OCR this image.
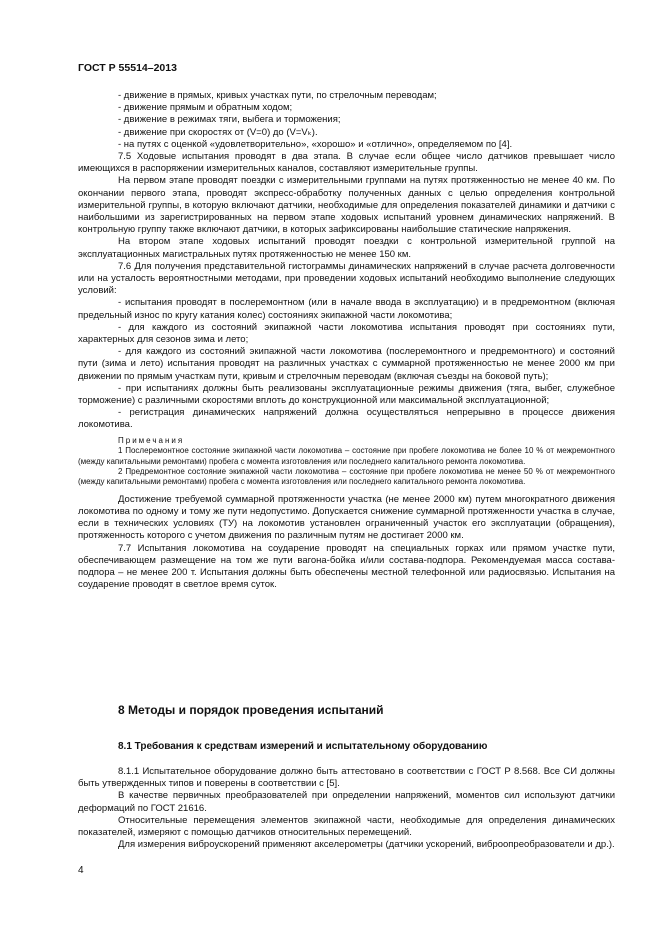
ГОСТ Р 55514–2013

- движение в прямых, кривых участках пути, по стрелочным переводам;

- движение прямым и обратным ходом;

- движение в режимах тяги, выбега и торможения;

- движение при скоростях от (V=0) до (V=Vₖ).

- на путях с оценкой «удовлетворительно», «хорошо» и «отлично», определяемом по [4].

7.5 Ходовые испытания проводят в два этапа. В случае если общее число датчиков превышает число имеющихся в распоряжении измерительных каналов, составляют измерительные группы.

На первом этапе проводят поездки с измерительными группами на путях протяженностью не менее 40 км. По окончании первого этапа, проводят экспресс-обработку полученных данных с целью определения контрольной измерительной группы, в которую включают датчики, необходимые для определения показателей динамики и датчики с наибольшими из зарегистрированных на первом этапе ходовых испытаний уровнем динамических напряжений. В контрольную группу также включают датчики, в которых зафиксированы наибольшие статические напряжения.

На втором этапе ходовых испытаний проводят поездки с контрольной измерительной группой на эксплуатационных магистральных путях протяженностью не менее 150 км.

7.6 Для получения представительной гистограммы динамических напряжений в случае расчета долговечности или на усталость вероятностными методами, при проведении ходовых испытаний необходимо выполнение следующих условий:

- испытания проводят в послеремонтном (или в начале ввода в эксплуатацию) и в предремонтном (включая предельный износ по кругу катания колес) состояниях экипажной части локомотива;

- для каждого из состояний экипажной части локомотива испытания проводят при состояниях пути, характерных для сезонов зима и лето;

- для каждого из состояний экипажной части локомотива (послеремонтного и предремонтного) и состояний пути (зима и лето) испытания проводят на различных участках с суммарной протяженностью не менее 2000 км при движении по прямым участкам пути, кривым и стрелочным переводам (включая съезды на боковой путь);

- при испытаниях должны быть реализованы эксплуатационные режимы движения (тяга, выбег, служебное торможение) с различными скоростями вплоть до конструкционной или максимальной эксплуатационной;

- регистрация динамических напряжений должна осуществляться непрерывно в процессе движения локомотива.

Примечания

1 Послеремонтное состояние экипажной части локомотива – состояние при пробеге локомотива не более 10 % от межремонтного (между капитальными ремонтами) пробега с момента изготовления или последнего капитального ремонта локомотива.

2 Предремонтное состояние экипажной части локомотива – состояние при пробеге локомотива не менее 50 % от межремонтного (между капитальными ремонтами) пробега с момента изготовления или последнего капитального ремонта локомотива.

Достижение требуемой суммарной протяженности участка (не менее 2000 км) путем многократного движения локомотива по одному и тому же пути недопустимо. Допускается снижение суммарной протяженности участка в случае, если в технических условиях (ТУ) на локомотив установлен ограниченный участок его эксплуатации (обращения), протяженность которого с учетом движения по различным путям не достигает 2000 км.

7.7 Испытания локомотива на соударение проводят на специальных горках или прямом участке пути, обеспечивающем размещение на том же пути вагона-бойка и/или состава-подпора. Рекомендуемая масса состава-подпора – не менее 200 т. Испытания должны быть обеспечены местной телефонной или радиосвязью. Испытания на соударение проводят в светлое время суток.

8 Методы и порядок проведения испытаний
8.1 Требования к средствам измерений и испытательному оборудованию

8.1.1 Испытательное оборудование должно быть аттестовано в соответствии с ГОСТ Р 8.568. Все СИ должны быть утвержденных типов и поверены в соответствии с [5].

В качестве первичных преобразователей при определении напряжений, моментов сил используют датчики деформаций по ГОСТ 21616.

Относительные перемещения элементов экипажной части, необходимые для определения динамических показателей, измеряют с помощью датчиков относительных перемещений.

Для измерения виброускорений применяют акселерометры (датчики ускорений, виброопреобразователи и др.).

4
